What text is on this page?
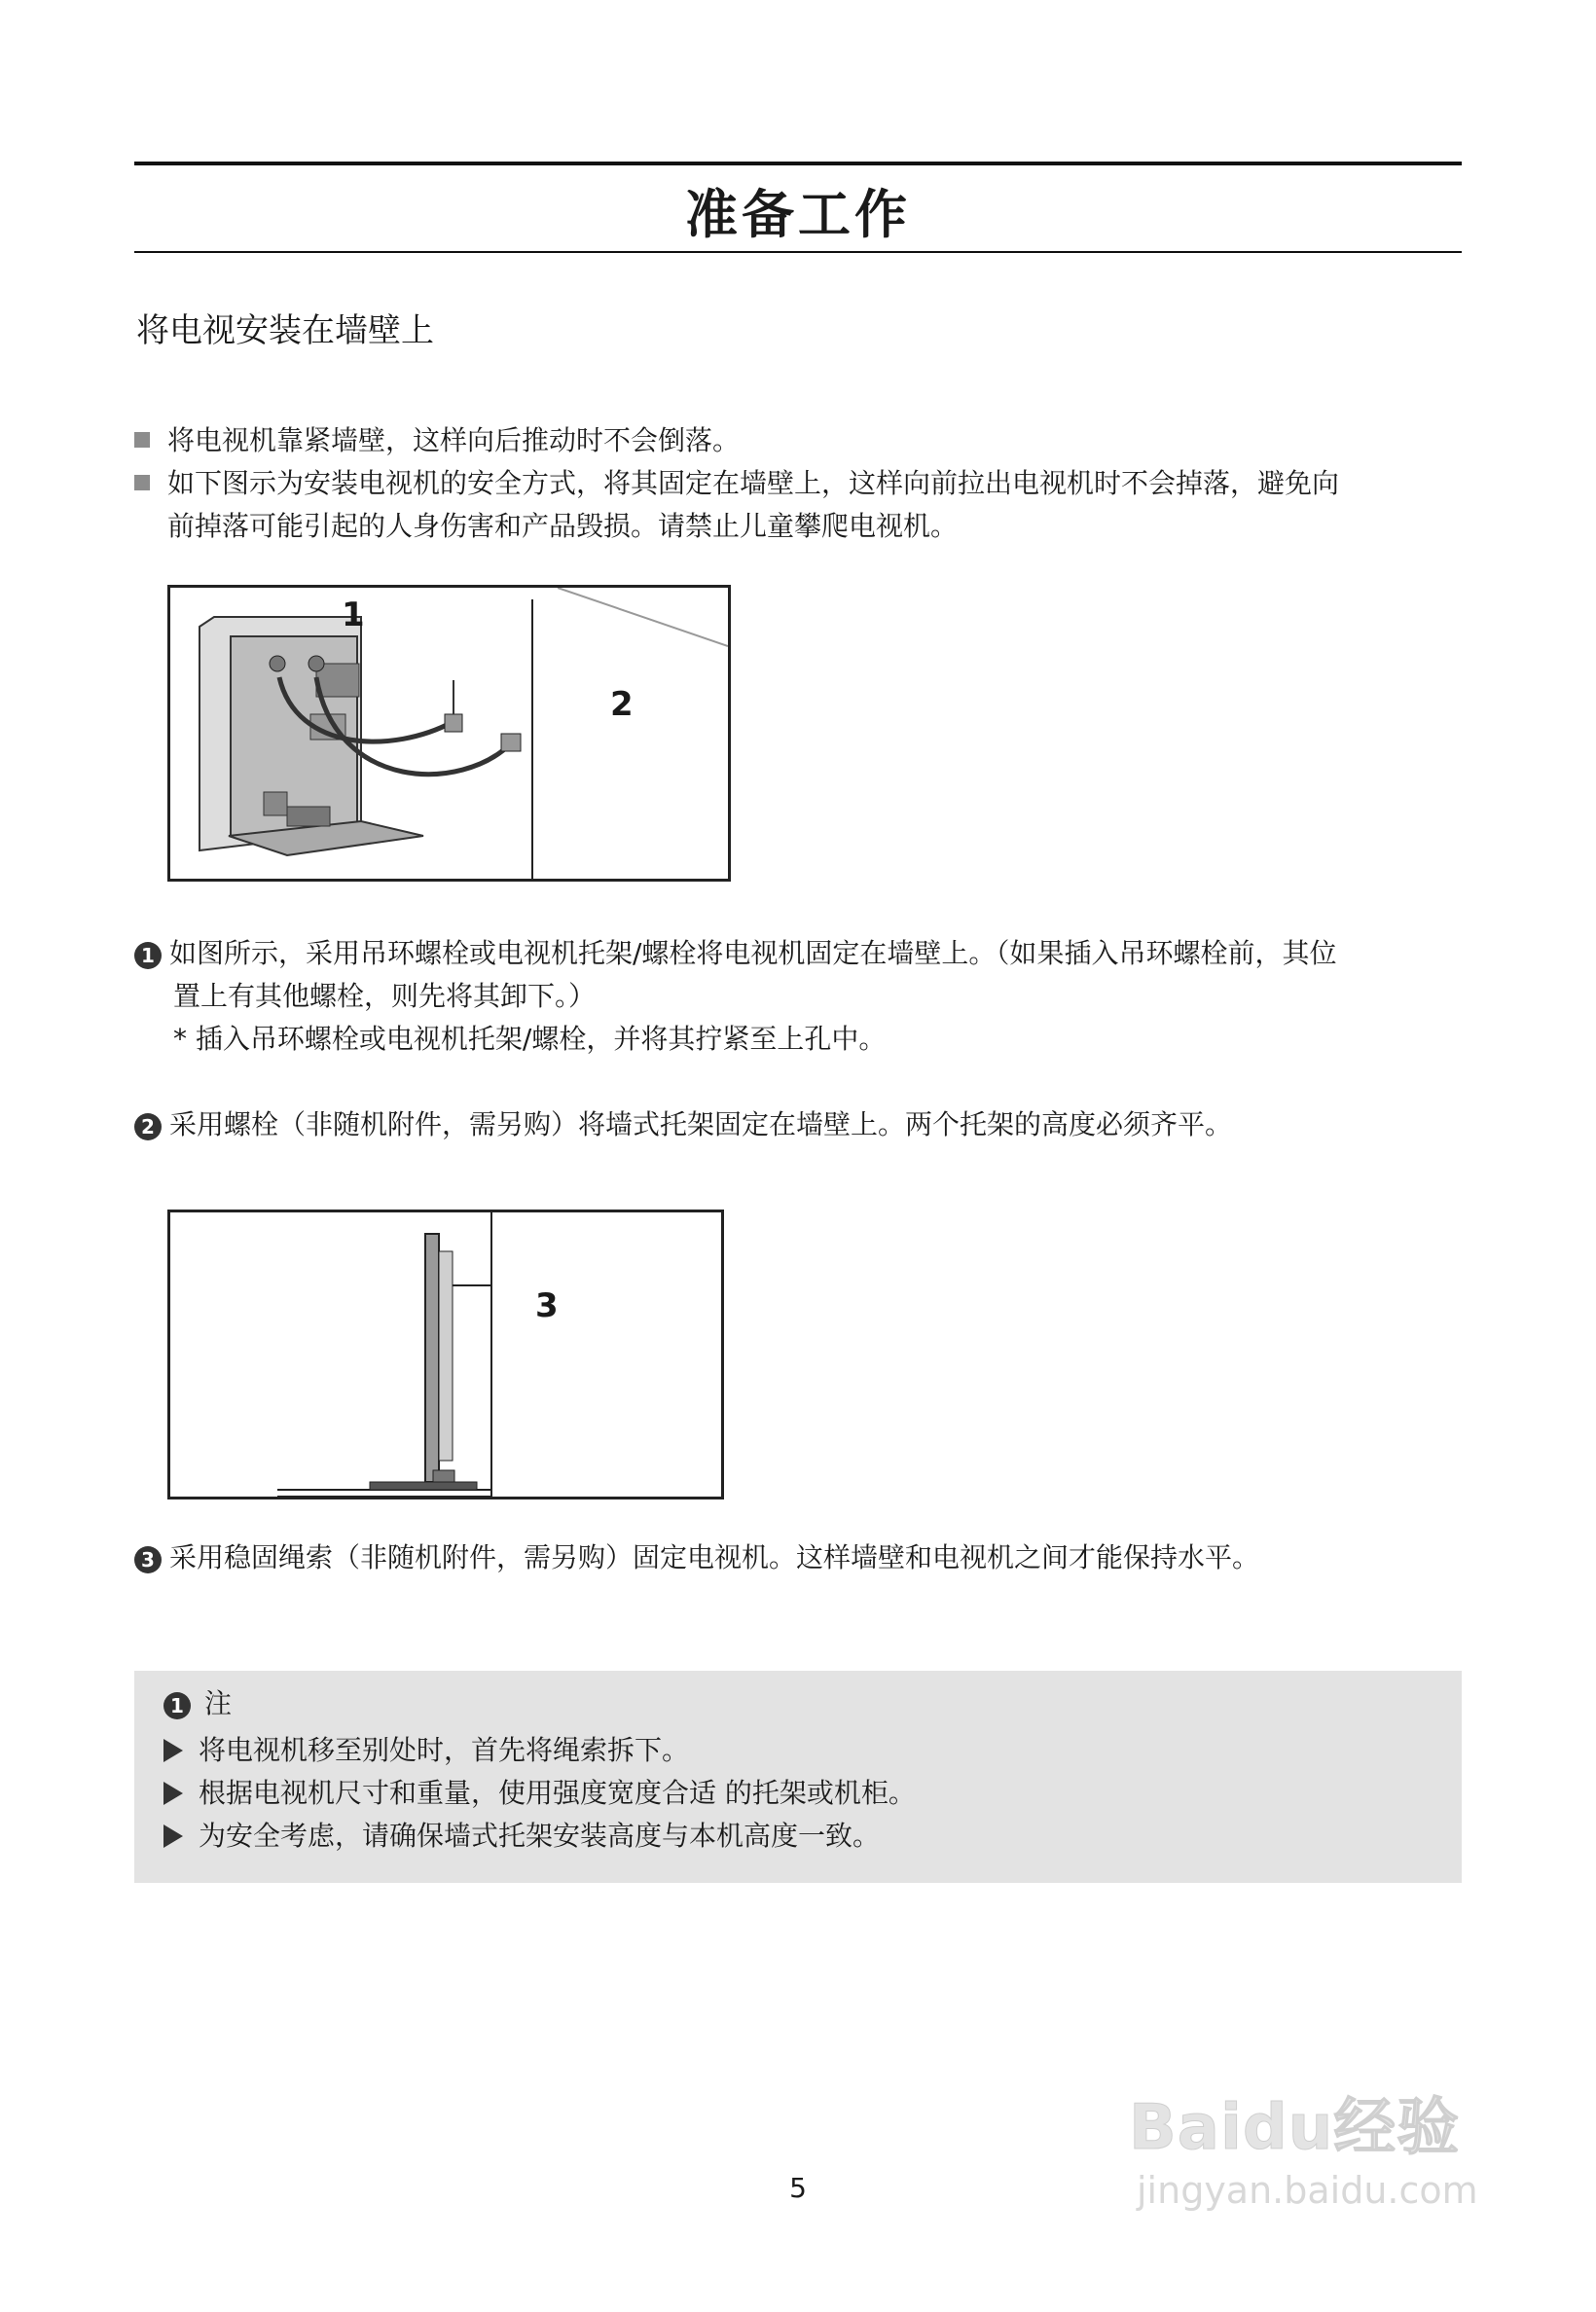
准备工作
将电视安装在墙壁上
将电视机靠紧墙壁，这样向后推动时不会倒落。
如下图示为安装电视机的安全方式，将其固定在墙壁上，这样向前拉出电视机时不会掉落，避免向
前掉落可能引起的人身伤害和产品毁损。请禁止儿童攀爬电视机。
1
2
1 如图所示，采用吊环螺栓或电视机托架/螺栓将电视机固定在墙壁上。（如果插入吊环螺栓前，其位
置上有其他螺栓，则先将其卸下。）
* 插入吊环螺栓或电视机托架/螺栓，并将其拧紧至上孔中。
2 采用螺栓（非随机附件，需另购）将墙式托架固定在墙壁上。两个托架的高度必须齐平。
3
3 采用稳固绳索（非随机附件，需另购）固定电视机。这样墙壁和电视机之间才能保持水平。
1 注
将电视机移至别处时，首先将绳索拆下。
根据电视机尺寸和重量，使用强度宽度合适 的托架或机柜。
为安全考虑，请确保墙式托架安装高度与本机高度一致。
5
Baidu经验
jingyan.baidu.com
